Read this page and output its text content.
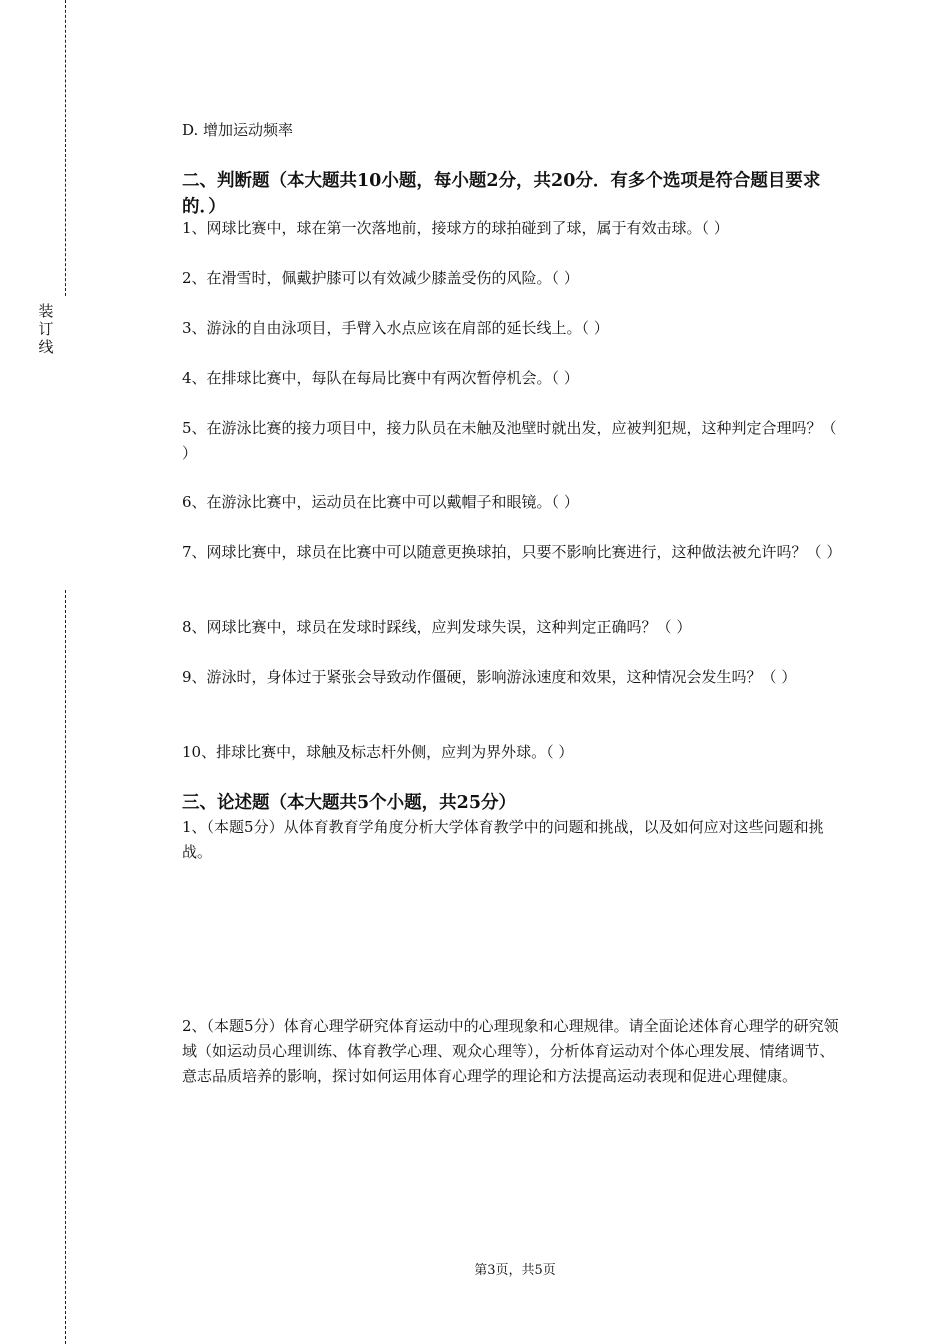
装订线
D. 增加运动频率
二、判断题（本大题共10小题，每小题2分，共20分．有多个选项是符合题目要求的．）
1、网球比赛中，球在第一次落地前，接球方的球拍碰到了球，属于有效击球。（ ）
2、在滑雪时，佩戴护膝可以有效减少膝盖受伤的风险。（ ）
3、游泳的自由泳项目，手臂入水点应该在肩部的延长线上。（ ）
4、在排球比赛中，每队在每局比赛中有两次暂停机会。（ ）
5、在游泳比赛的接力项目中，接力队员在未触及池壁时就出发，应被判犯规，这种判定合理吗？（ ）
6、在游泳比赛中，运动员在比赛中可以戴帽子和眼镜。（ ）
7、网球比赛中，球员在比赛中可以随意更换球拍，只要不影响比赛进行，这种做法被允许吗？（ ）
8、网球比赛中，球员在发球时踩线，应判发球失误，这种判定正确吗？（ ）
9、游泳时，身体过于紧张会导致动作僵硬，影响游泳速度和效果，这种情况会发生吗？（ ）
10、排球比赛中，球触及标志杆外侧，应判为界外球。（ ）
三、论述题（本大题共5个小题，共25分）
1、（本题5分）从体育教育学角度分析大学体育教学中的问题和挑战，以及如何应对这些问题和挑战。
2、（本题5分）体育心理学研究体育运动中的心理现象和心理规律。请全面论述体育心理学的研究领域（如运动员心理训练、体育教学心理、观众心理等），分析体育运动对个体心理发展、情绪调节、意志品质培养的影响，探讨如何运用体育心理学的理论和方法提高运动表现和促进心理健康。
第3页，共5页
